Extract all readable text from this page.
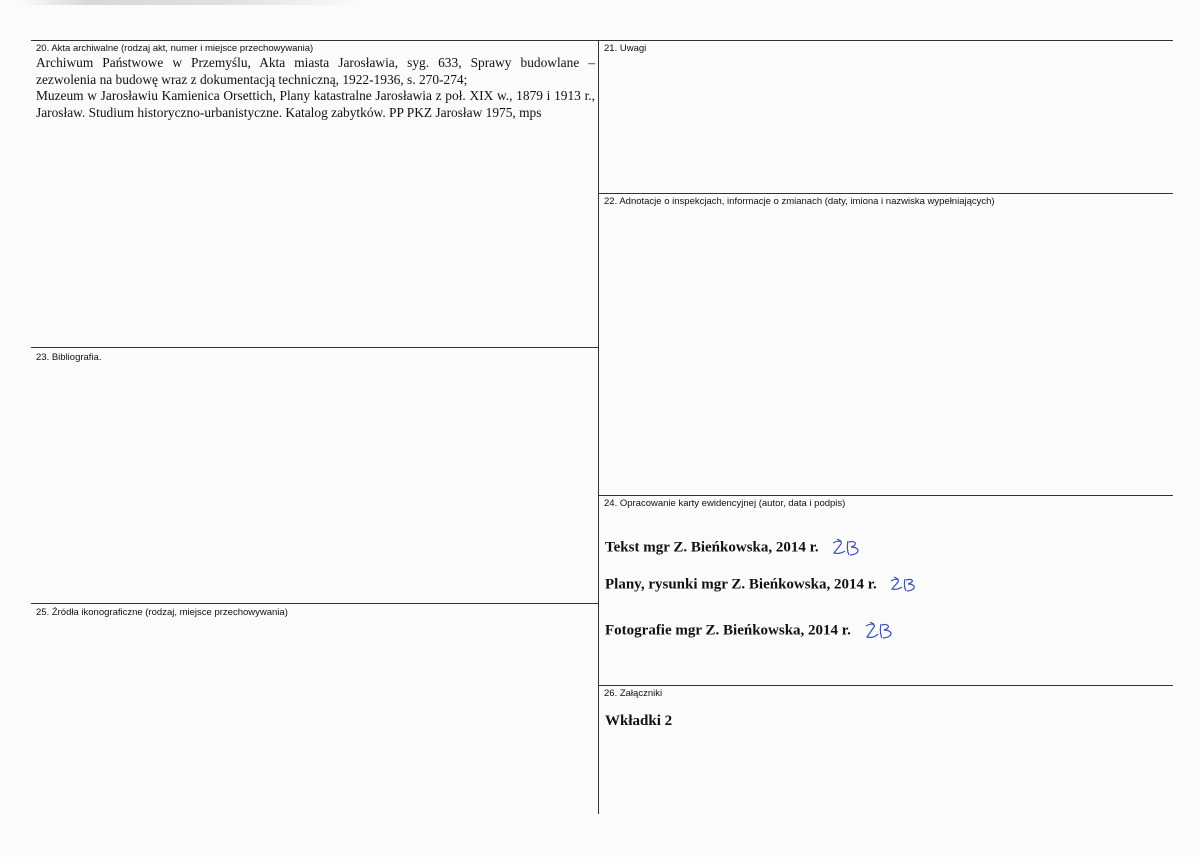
20. Akta archiwalne (rodzaj akt, numer i miejsce przechowywania)

Archiwum Państwowe w Przemyślu, Akta miasta Jarosławia, syg. 633, Sprawy budowlane – zezwolenia na budowę wraz z dokumentacją techniczną, 1922-1936, s. 270-274;

Muzeum w Jarosławiu Kamienica Orsettich, Plany katastralne Jarosławia z poł. XIX w., 1879 i 1913 r., Jarosław. Studium historyczno-urbanistyczne. Katalog zabytków. PP PKZ Jarosław 1975, mps

21. Uwagi
22. Adnotacje o inspekcjach, informacje o zmianach (daty, imiona i nazwiska wypełniających)
23. Bibliografia.
24. Opracowanie karty ewidencyjnej (autor, data i podpis)
Tekst mgr Z. Bieńkowska, 2014 r.
Plany, rysunki mgr Z. Bieńkowska, 2014 r.
Fotografie mgr Z. Bieńkowska, 2014 r.
25. Źródła ikonograficzne (rodzaj, miejsce przechowywania)
26. Załączniki
Wkładki 2
